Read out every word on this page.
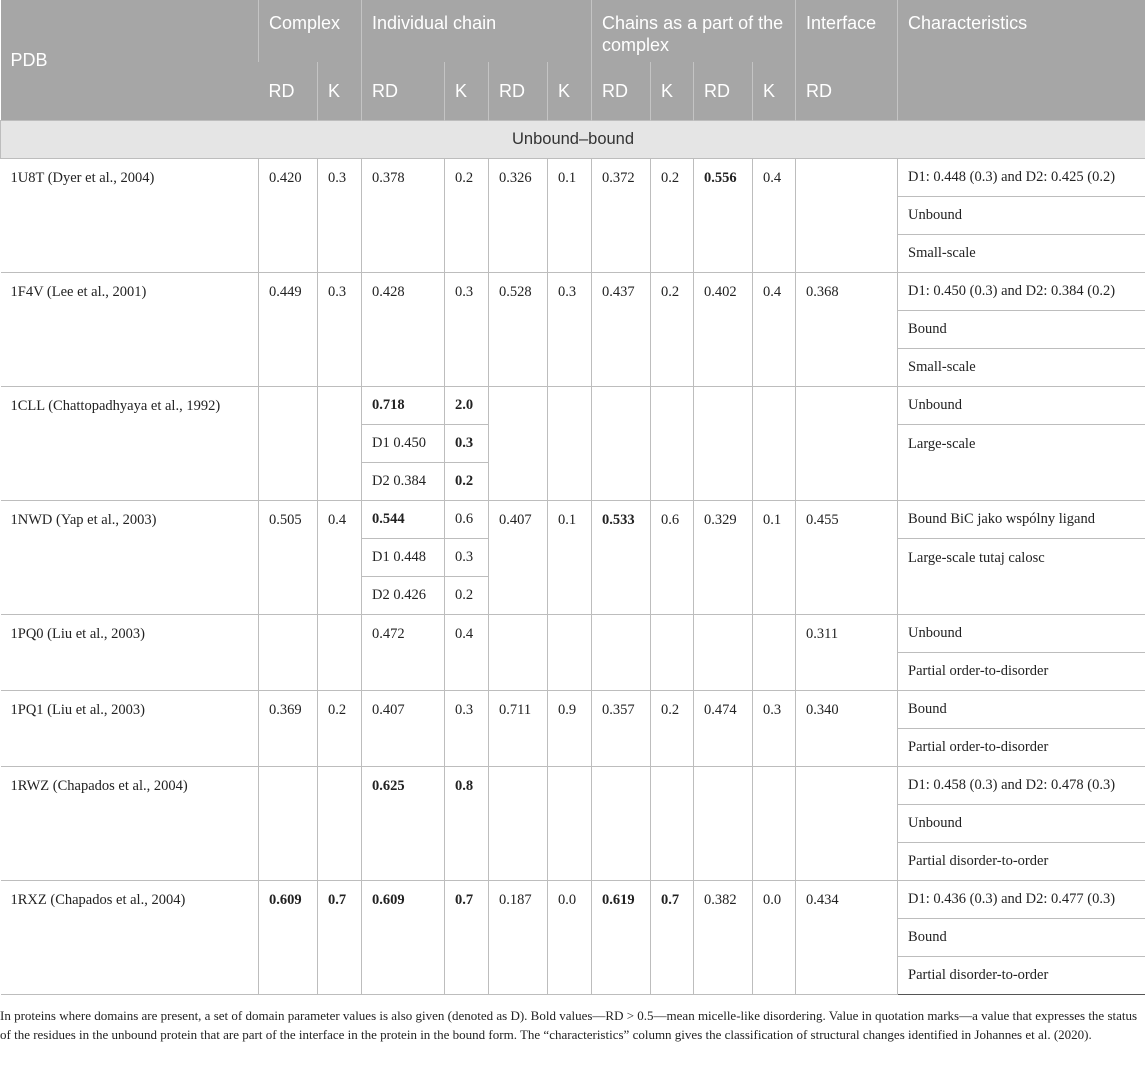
PDB	Complex		Individual chain				Chains as a part of the complex				Interface	Characteristics
	RD	K	RD	K	RD	K	RD	K	RD	K	RD	
Unbound–bound												
1U8T (Dyer et al., 2004)	0.420	0.3	0.378	0.2	0.326	0.1	0.372	0.2	0.556	0.4		D1: 0.448 (0.3) and D2: 0.425 (0.2)
												Unbound
												Small-scale
1F4V (Lee et al., 2001)	0.449	0.3	0.428	0.3	0.528	0.3	0.437	0.2	0.402	0.4	0.368	D1: 0.450 (0.3) and D2: 0.384 (0.2)
												Bound
												Small-scale
1CLL (Chattopadhyaya et al., 1992)			0.718	2.0								Unbound
			D1 0.450	0.3								Large-scale
			D2 0.384	0.2								
1NWD (Yap et al., 2003)	0.505	0.4	0.544	0.6	0.407	0.1	0.533	0.6	0.329	0.1	0.455	Bound BiC jako wspólny ligand
			D1 0.448	0.3								Large-scale tutaj calosc
			D2 0.426	0.2								
1PQ0 (Liu et al., 2003)			0.472	0.4							0.311	Unbound
												Partial order-to-disorder
1PQ1 (Liu et al., 2003)	0.369	0.2	0.407	0.3	0.711	0.9	0.357	0.2	0.474	0.3	0.340	Bound
												Partial order-to-disorder
1RWZ (Chapados et al., 2004)			0.625	0.8								D1: 0.458 (0.3) and D2: 0.478 (0.3)
												Unbound
												Partial disorder-to-order
1RXZ (Chapados et al., 2004)	0.609	0.7	0.609	0.7	0.187	0.0	0.619	0.7	0.382	0.0	0.434	D1: 0.436 (0.3) and D2: 0.477 (0.3)
												Bound
												Partial disorder-to-order
In proteins where domains are present, a set of domain parameter values is also given (denoted as D). Bold values—RD > 0.5—mean micelle-like disordering. Value in quotation marks—a value that expresses the status of the residues in the unbound protein that are part of the interface in the protein in the bound form. The “characteristics” column gives the classification of structural changes identified in Johannes et al. (2020).
